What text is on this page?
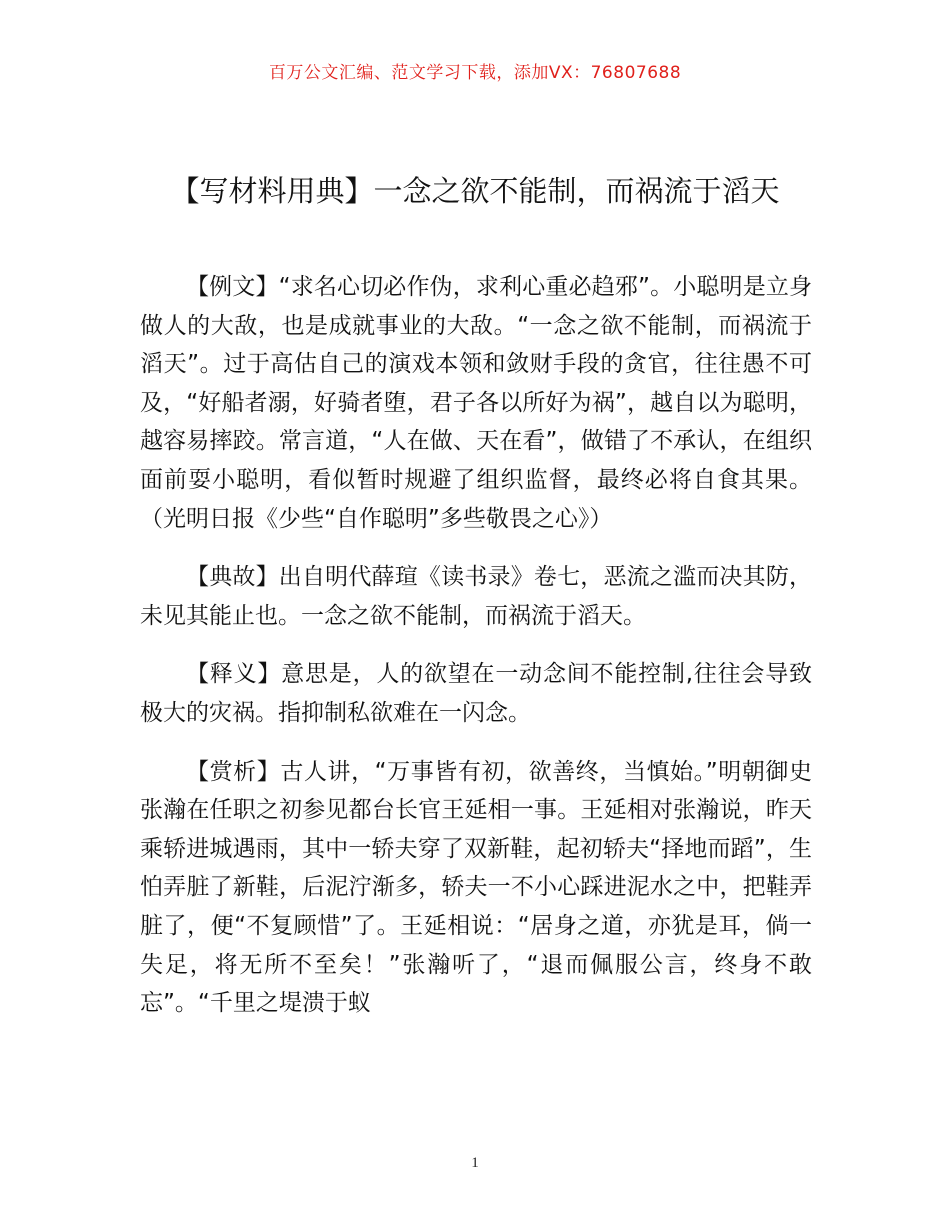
百万公文汇编、范文学习下载，添加VX：76807688
【写材料用典】一念之欲不能制，而祸流于滔天

【例文】“求名心切必作伪，求利心重必趋邪”。小聪明是立身做人的大敌，也是成就事业的大敌。“一念之欲不能制，而祸流于滔天”。过于高估自己的演戏本领和敛财手段的贪官，往往愚不可及，“好船者溺，好骑者堕，君子各以所好为祸”，越自以为聪明，越容易摔跤。常言道，“人在做、天在看”，做错了不承认，在组织面前耍小聪明，看似暂时规避了组织监督，最终必将自食其果。（光明日报《少些“自作聪明”多些敬畏之心》）

【典故】出自明代薛瑄《读书录》卷七，恶流之滥而决其防，未见其能止也。一念之欲不能制，而祸流于滔天。

【释义】意思是，人的欲望在一动念间不能控制,往往会导致极大的灾祸。指抑制私欲难在一闪念。

【赏析】古人讲，“万事皆有初，欲善终，当慎始。”明朝御史张瀚在任职之初参见都台长官王延相一事。王延相对张瀚说，昨天乘轿进城遇雨，其中一轿夫穿了双新鞋，起初轿夫“择地而蹈”，生怕弄脏了新鞋，后泥泞渐多，轿夫一不小心踩进泥水之中，把鞋弄脏了，便“不复顾惜”了。王延相说：“居身之道，亦犹是耳，倘一失足，将无所不至矣！”张瀚听了，“退而佩服公言，终身不敢忘”。“千里之堤溃于蚁

1
